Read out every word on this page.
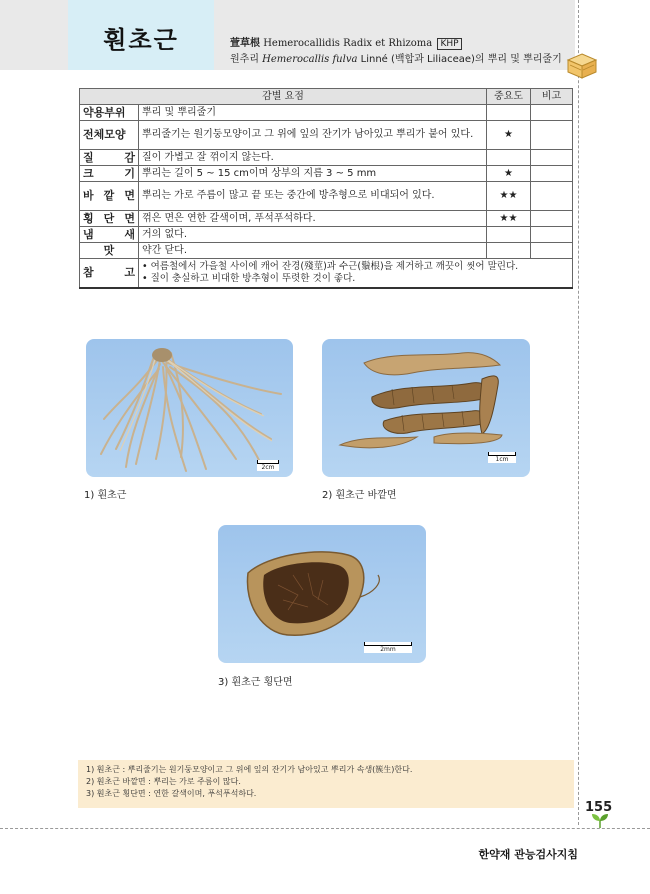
훤초근	萱草根 Hemerocallidis Radix et Rhizoma KHP
원추리 Hemerocallis fulva Linné (백합과 Liliaceae)의 뿌리 및 뿌리줄기
감별 요점		중요도	비고
약용부위	뿌리 및 뿌리줄기		
전체모양	뿌리줄기는 원기둥모양이고 그 위에 잎의 잔기가 남아있고 뿌리가 붙어 있다.	★	
질 감	질이 가볍고 잘 꺾이지 않는다.		
크 기	뿌리는 길이 5 ~ 15 cm이며 상부의 지름 3 ~ 5 mm	★	
바 깥 면	뿌리는 가로 주름이 많고 끝 또는 중간에 방추형으로 비대되어 있다.	★★	
횡 단 면	꺾은 면은 연한 갈색이며, 푸석푸석하다.	★★	
냄 새	거의 없다.		
맛	약간 닫다.		
참 고	• 여름철에서 가을철 사이에 캐어 잔경(殘莖)과 수근(鬚根)을 제거하고 깨끗이 씻어 말린다.
• 질이 충실하고 비대한 방추형이 뚜렷한 것이 좋다.		
2cm
1) 훤초근
1cm
2) 훤초근 바깥면
2mm
3) 훤초근 횡단면
1) 훤초근 : 뿌리줄기는 원기둥모양이고 그 위에 잎의 잔기가 남아있고 뿌리가 속생(簇生)한다.
2) 훤초근 바깥면 : 뿌리는 가로 주름이 많다.
3) 훤초근 횡단면 : 연한 갈색이며, 푸석푸석하다.
155
한약재 관능검사지침
